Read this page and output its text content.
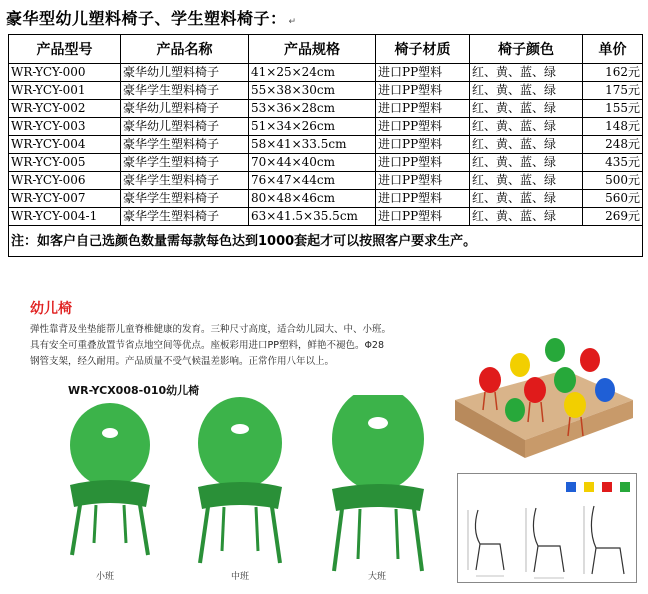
豪华型幼儿塑料椅子、学生塑料椅子： ↵
产品型号	产品名称	产品规格	椅子材质	椅子颜色	单价
WR-YCY-000	豪华幼儿塑料椅子	41×25×24cm	进口PP塑料	红、黄、蓝、绿	162元
WR-YCY-001	豪华学生塑料椅子	55×38×30cm	进口PP塑料	红、黄、蓝、绿	175元
WR-YCY-002	豪华幼儿塑料椅子	53×36×28cm	进口PP塑料	红、黄、蓝、绿	155元
WR-YCY-003	豪华幼儿塑料椅子	51×34×26cm	进口PP塑料	红、黄、蓝、绿	148元
WR-YCY-004	豪华学生塑料椅子	58×41×33.5cm	进口PP塑料	红、黄、蓝、绿	248元
WR-YCY-005	豪华学生塑料椅子	70×44×40cm	进口PP塑料	红、黄、蓝、绿	435元
WR-YCY-006	豪华学生塑料椅子	76×47×44cm	进口PP塑料	红、黄、蓝、绿	500元
WR-YCY-007	豪华学生塑料椅子	80×48×46cm	进口PP塑料	红、黄、蓝、绿	560元
WR-YCY-004-1	豪华学生塑料椅子	63×41.5×35.5cm	进口PP塑料	红、黄、蓝、绿	269元
注：如客户自己选颜色数量需每款每色达到1000套起才可以按照客户要求生产。					
幼儿椅
弹性靠背及坐垫能帮儿童脊椎健康的发育。三种尺寸高度，适合幼儿园大、中、小班。
具有安全可重叠放置节省点地空间等优点。座板彩用进口PP塑料，鲜艳不褪色。Φ28
钢管支架，经久耐用。产品质量不受气候温差影响。正常作用八年以上。
WR-YCX008-010幼儿椅
小班	中班	大班
